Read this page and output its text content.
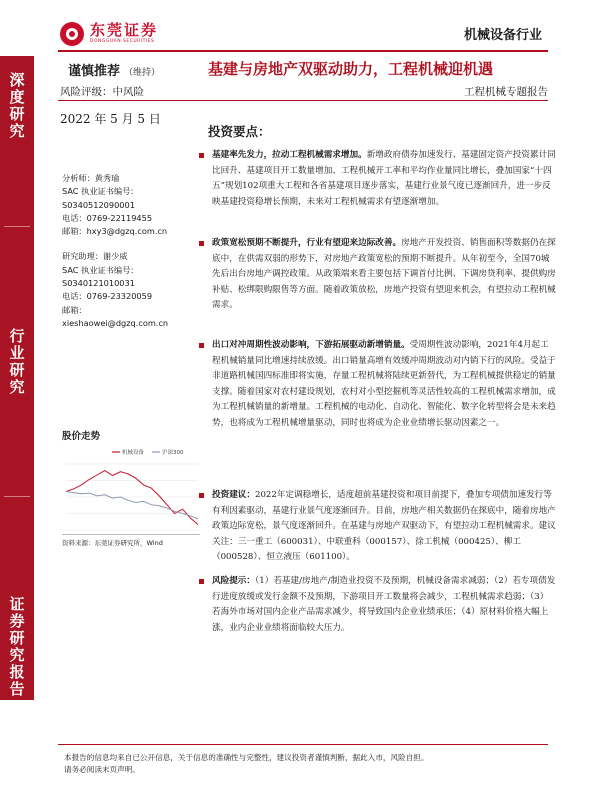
东莞证券
DONGGUAN SECURITIES	机械设备行业
深度研究
行业研究
证券研究报告
谨慎推荐 （维持）	基建与房地产双驱动助力，工程机械迎机遇
风险评级：中风险	工程机械专题报告
2022 年 5 月 5 日
分析师：黄秀瑜
SAC 执业证书编号：
S0340512090001
电话：0769-22119455
邮箱：hxy3@dgzq.com.cn
研究助理：谢少威
SAC 执业证书编号：
S0340121010031
电话：0769-23320059
邮箱：
xieshaowei@dgzq.com.cn
股价走势
机械设备	沪深300
资料来源：东莞证券研究所，Wind
投资要点：
基建率先发力，拉动工程机械需求增加。新增政府债券加速发行、基建固定资产投资累计同比回升、基建项目开工数量增加、工程机械开工率和平均作业量同比增长，叠加国家“十四五”规划102项重大工程和各省基建项目逐步落实，基建行业景气度已逐渐回升，进一步反映基建投资稳增长预期，未来对工程机械需求有望逐渐增加。
政策宽松预期不断提升，行业有望迎来边际改善。房地产开发投资、销售面积等数据仍在探底中，在供需双弱的形势下，对房地产政策宽松的预期不断提升。从年初至今，全国70城先后出台房地产调控政策。从政策端来看主要包括下调首付比例、下调房贷利率、提供购房补贴、松绑限购限售等方面。随着政策放松，房地产投资有望迎来机会，有望拉动工程机械需求。
出口对冲周期性波动影响，下游拓展驱动新增销量。受周期性波动影响，2021年4月起工程机械销量同比增速持续放缓。出口销量高增有效缓冲周期波动对内销下行的风险。受益于非道路机械国四标准即将实施，存量工程机械将陆续更新替代，为工程机械提供稳定的销量支撑。随着国家对农村建设规划，农村对小型挖掘机等灵活性较高的工程机械需求增加，成为工程机械销量的新增量。工程机械的电动化、自动化、智能化、数字化转型将会是未来趋势，也将成为工程机械增量驱动，同时也将成为企业业绩增长驱动因素之一。
投资建议：2022年定调稳增长，适度超前基建投资和项目前提下，叠加专项债加速发行等有利因素驱动，基建行业景气度逐渐回升。目前，房地产相关数据仍在探底中，随着房地产政策边际宽松，景气度逐渐回升。在基建与房地产双驱动下，有望拉动工程机械需求。建议关注：三一重工（600031）、中联重科（000157）、徐工机械（000425）、柳工（000528）、恒立液压（601100）。
风险提示：（1）若基建/房地产/制造业投资不及预期，机械设备需求减弱；（2）若专项债发行进度放缓或发行金额不及预期，下游项目开工数量将会减少，工程机械需求趋弱；（3）若海外市场对国内企业产品需求减少，将导致国内企业业绩承压；（4）原材料价格大幅上涨，业内企业业绩将面临较大压力。
本报告的信息均来自已公开信息，关于信息的准确性与完整性，建议投资者谨慎判断，据此入市，风险自担。
请务必阅读末页声明。
